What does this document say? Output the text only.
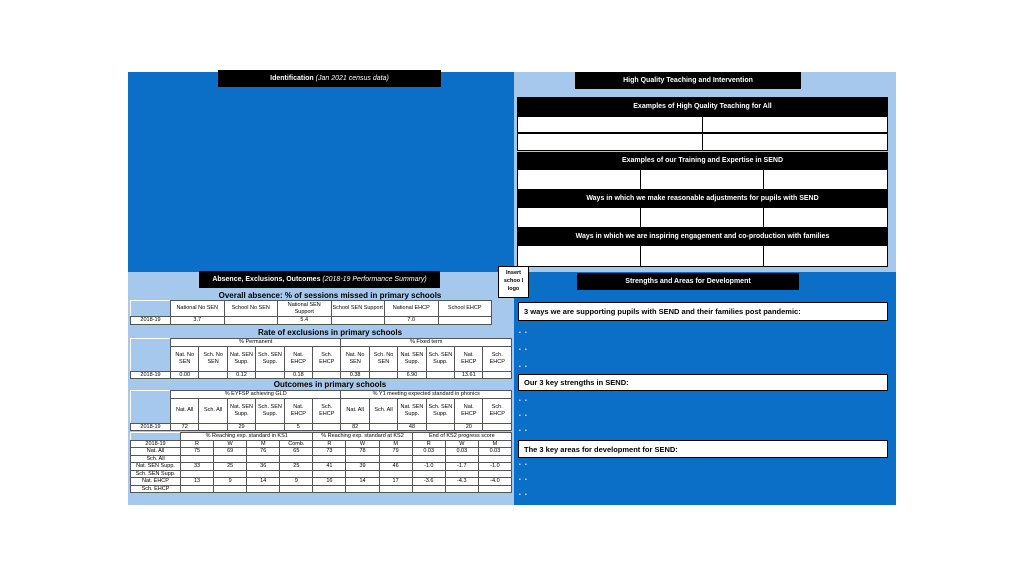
Identification
(Jan 2021 census data)	High Quality Teaching and Intervention
Examples of High Quality Teaching for All
Examples of our Training and Expertise in SEND
Ways in which we make reasonable adjustments for pupils with SEND
Ways in which we are inspiring engagement and co-production with families
Insert schoo l logo
Absence, Exclusions, Outcomes
(2018-19 Performance Summary)
Overall absence: % of sessions missed in primary schools
	National No SEN	School No SEN	National SEN Support	School SEN Support	National EHCP	School EHCP
2018-19	3.7		5.4		7.0	
Rate of exclusions in primary schools
	% Permanent						% Fixed term					
	Nat. No SEN	Sch. No SEN	Nat. SEN Supp.	Sch. SEN Supp.	Nat. EHCP	Sch. EHCP	Nat. No SEN	Sch. No SEN	Nat. SEN Supp.	Sch. SEN Supp.	Nat. EHCP	Sch. EHCP
2018-19	0.00		0.12		0.18		0.38		6.90		13.61	
Outcomes in primary schools
	% EYFSP achieving GLD						% Y1 meeting expected standard in phonics					
	Nat. All	Sch. All	Nat. SEN Supp.	Sch. SEN Supp.	Nat. EHCP	Sch. EHCP	Nat. All	Sch. All	Nat. SEN Supp.	Sch. SEN Supp.	Nat. EHCP	Sch. EHCP
2018-19	72		29		5		82		48		20	
	% Reaching exp. standard in KS1				% Reaching exp. standard at KS2			End of KS2 progress score		
2018-19	R	W	M	Comb.	R	W	M	R	W	M
Nat. All	75	69	76	65	73	78	79	0.03	0.03	0.03
Sch. All										
Nat. SEN Supp.	33	25	36	25	41	39	46	-1.0	-1.7	-1.0
Sch. SEN Supp.										
Nat. EHCP	13	9	14	9	16	14	17	-3.6	-4.3	-4.0
Sch. EHCP										
Strengths and Areas for Development
3 ways we are supporting pupils with SEND and their families post pandemic:
• •
• •
• •
Our 3 key strengths in SEND:
• •
• •
• •
The 3 key areas for development for SEND:
• •
• •
• •
